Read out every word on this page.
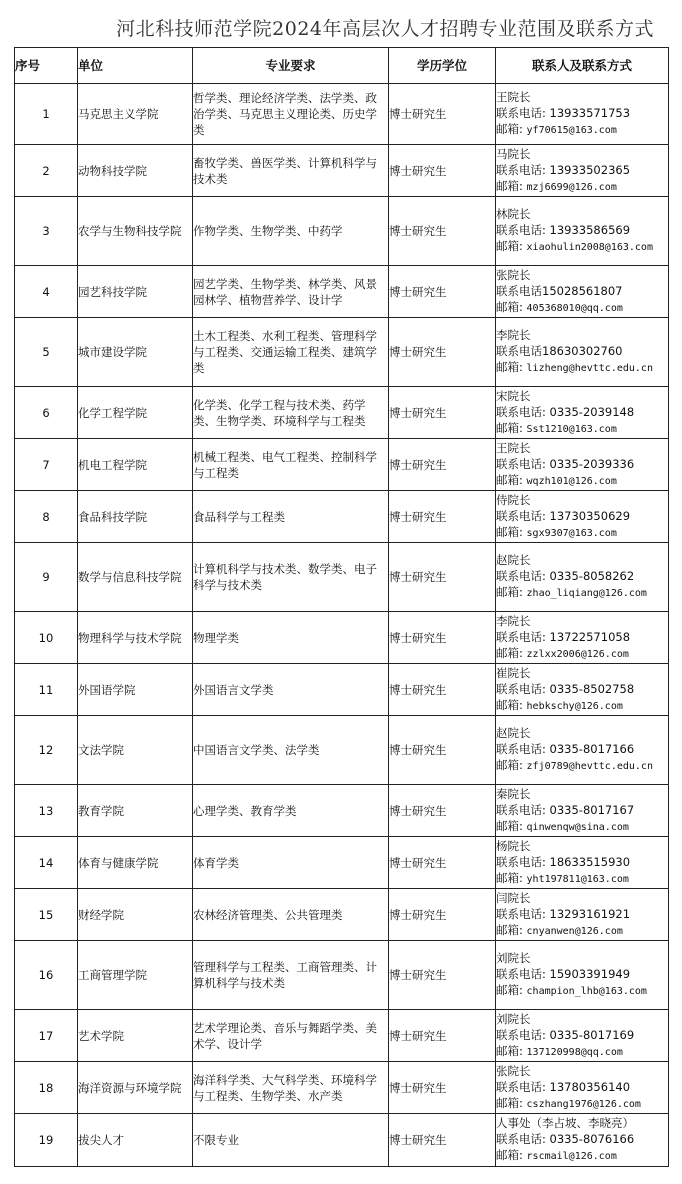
河北科技师范学院2024年高层次人才招聘专业范围及联系方式
序号	单位	专业要求	学历学位	联系人及联系方式
1	马克思主义学院	哲学类、理论经济学类、法学类、政治学类、马克思主义理论类、历史学类	博士研究生	王院长
联系电话: 13933571753
邮箱: yf70615@163.com

2	动物科技学院	畜牧学类、兽医学类、计算机科学与技术类	博士研究生	马院长
联系电话: 13933502365
邮箱: mzj6699@126.com

3	农学与生物科技学院	作物学类、生物学类、中药学	博士研究生	林院长
联系电话: 13933586569
邮箱: xiaohulin2008@163.com

4	园艺科技学院	园艺学类、生物学类、林学类、风景园林学、植物营养学、设计学	博士研究生	张院长
联系电话15028561807
邮箱: 405368010@qq.com

5	城市建设学院	土木工程类、水利工程类、管理科学与工程类、交通运输工程类、建筑学类	博士研究生	李院长
联系电话18630302760
邮箱: lizheng@hevttc.edu.cn

6	化学工程学院	化学类、化学工程与技术类、药学类、生物学类、环境科学与工程类	博士研究生	宋院长
联系电话: 0335-2039148
邮箱: Sst1210@163.com

7	机电工程学院	机械工程类、电气工程类、控制科学与工程类	博士研究生	王院长
联系电话: 0335-2039336
邮箱: wqzh101@126.com

8	食品科技学院	食品科学与工程类	博士研究生	侍院长
联系电话: 13730350629
邮箱: sgx9307@163.com

9	数学与信息科技学院	计算机科学与技术类、数学类、电子科学与技术类	博士研究生	赵院长
联系电话: 0335-8058262
邮箱: zhao_liqiang@126.com

10	物理科学与技术学院	物理学类	博士研究生	李院长
联系电话: 13722571058
邮箱: zzlxx2006@126.com

11	外国语学院	外国语言文学类	博士研究生	崔院长
联系电话: 0335-8502758
邮箱: hebkschy@126.com

12	文法学院	中国语言文学类、法学类	博士研究生	赵院长
联系电话: 0335-8017166
邮箱: zfj0789@hevttc.edu.cn

13	教育学院	心理学类、教育学类	博士研究生	秦院长
联系电话: 0335-8017167
邮箱: qinwenqw@sina.com

14	体育与健康学院	体育学类	博士研究生	杨院长
联系电话: 18633515930
邮箱: yht197811@163.com

15	财经学院	农林经济管理类、公共管理类	博士研究生	闫院长
联系电话: 13293161921
邮箱: cnyanwen@126.com

16	工商管理学院	管理科学与工程类、工商管理类、计算机科学与技术类	博士研究生	刘院长
联系电话: 15903391949
邮箱: champion_lhb@163.com

17	艺术学院	艺术学理论类、音乐与舞蹈学类、美术学、设计学	博士研究生	刘院长
联系电话: 0335-8017169
邮箱: 137120998@qq.com

18	海洋资源与环境学院	海洋科学类、大气科学类、环境科学与工程类、生物学类、水产类	博士研究生	张院长
联系电话: 13780356140
邮箱: cszhang1976@126.com

19	拔尖人才	不限专业	博士研究生	人事处（李占坡、李晓亮）
联系电话: 0335-8076166
邮箱: rscmail@126.com
